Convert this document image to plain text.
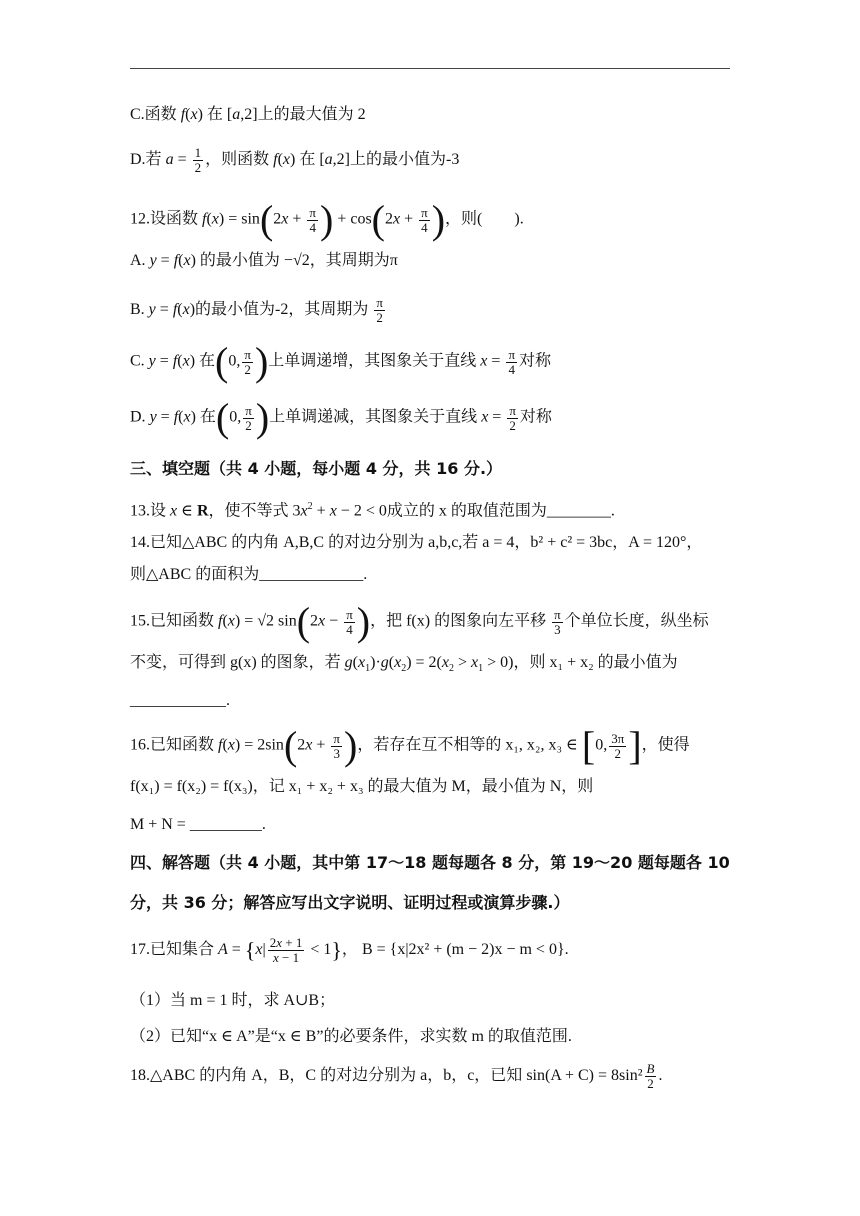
C.函数 f(x) 在 [a,2]上的最大值为 2
D.若 $a = \frac{1}{2}$ ，则函数 f(x) 在 [a,2]上的最小值为-3
12.设函数 $f(x) = \sin(2x + \frac{\pi}{4}$ ) + $\cos(2x + \frac{\pi}{4}$ )，则(　　).
A. y = f(x) 的最小值为 −√2，其周期为π
B. y = f(x)的最小值为-2，其周期为 $\frac{\pi}{2}$
C. y = f(x) 在(0, $\frac{\pi}{2}$ )上单调递增，其图象关于直线 $x = \frac{\pi}{4}$ 对称
D. y = f(x) 在(0, $\frac{\pi}{2}$ )上单调递减，其图象关于直线 $x = \frac{\pi}{2}$ 对称
三、填空题（共 4 小题，每小题 4 分，共 16 分.）
13.设 x ∈ R，使不等式 $3x^2 + x - 2 < 0$成立的 x 的取值范围为________.
14.已知△ABC 的内角 A,B,C 的对边分别为 a,b,c,若 a = 4，b² + c² = 3bc，A = 120°，
则△ABC 的面积为_____________.
15.已知函数 f(x) = √2 $\sin(2x - \frac{\pi}{4}$ )，把 f(x) 的图象向左平移 $\frac{\pi}{3}$ 个单位长度，纵坐标
不变，可得到 g(x) 的图象，若 $g(x_1)\cdot g(x_2) = 2(x_2 > x_1 > 0)$，则 x₁ + x₂ 的最小值为
____________.
16.已知函数 $f(x) = 2\sin(2x + \frac{\pi}{3}$ )，若存在互不相等的 x₁, x₂, x₃ ∈ [0, $\frac{3\pi}{2}$ ]，使得
f(x₁) = f(x₂) = f(x₃)，记 x₁ + x₂ + x₃ 的最大值为 M，最小值为 N，则
M + N = _________.
四、解答题（共 4 小题，其中第 17～18 题每题各 8 分，第 19～20 题每题各 10
分，共 36 分；解答应写出文字说明、证明过程或演算步骤.）
17.已知集合 $A = \{x| \frac{2x + 1}{x - 1} < 1\}$， B = {x|2x² + (m − 2)x − m < 0}.
（1）当 m = 1 时，求 A∪B；
（2）已知“x ∈ A”是“x ∈ B”的必要条件，求实数 m 的取值范围.
18.△ABC 的内角 A，B，C 的对边分别为 a，b，c，已知 $\sin(A + C) = 8\sin^2 \frac{B}{2}$ .
